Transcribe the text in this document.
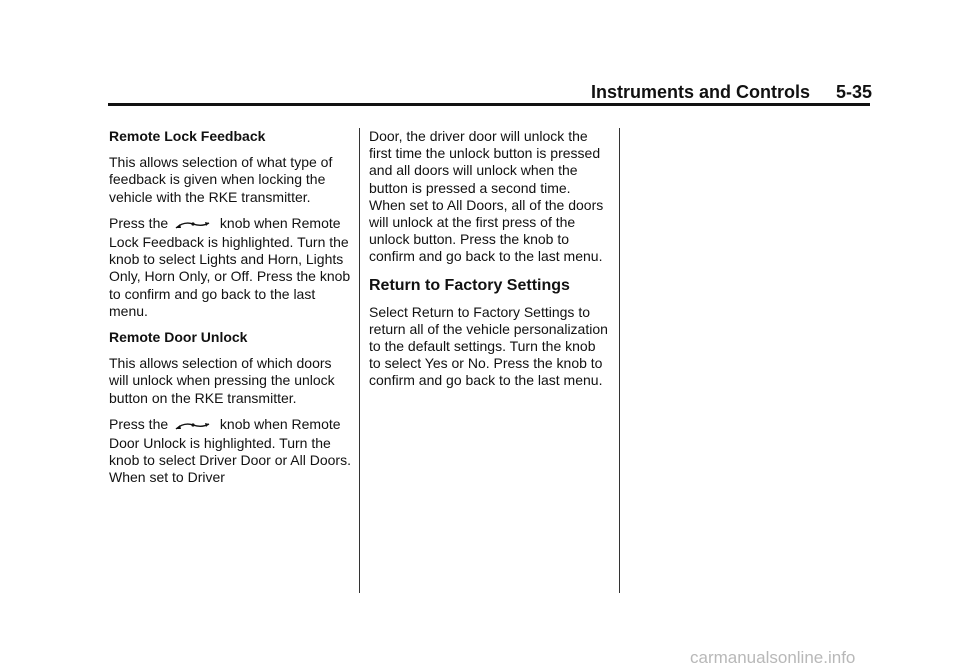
Instruments and Controls 5-35
Remote Lock Feedback

This allows selection of what type of feedback is given when locking the vehicle with the RKE transmitter.

Press the	knob when Remote Lock Feedback is highlighted. Turn the knob to select Lights and Horn, Lights Only, Horn Only, or Off. Press the knob to confirm and go back to the last menu.

Remote Door Unlock

This allows selection of which doors will unlock when pressing the unlock button on the RKE transmitter.

Press the	knob when Remote Door Unlock is highlighted. Turn the knob to select Driver Door or All Doors. When set to Driver

Door, the driver door will unlock the first time the unlock button is pressed and all doors will unlock when the button is pressed a second time. When set to All Doors, all of the doors will unlock at the first press of the unlock button. Press the knob to confirm and go back to the last menu.

Return to Factory Settings

Select Return to Factory Settings to return all of the vehicle personalization to the default settings. Turn the knob to select Yes or No. Press the knob to confirm and go back to the last menu.

carmanualsonline.info
